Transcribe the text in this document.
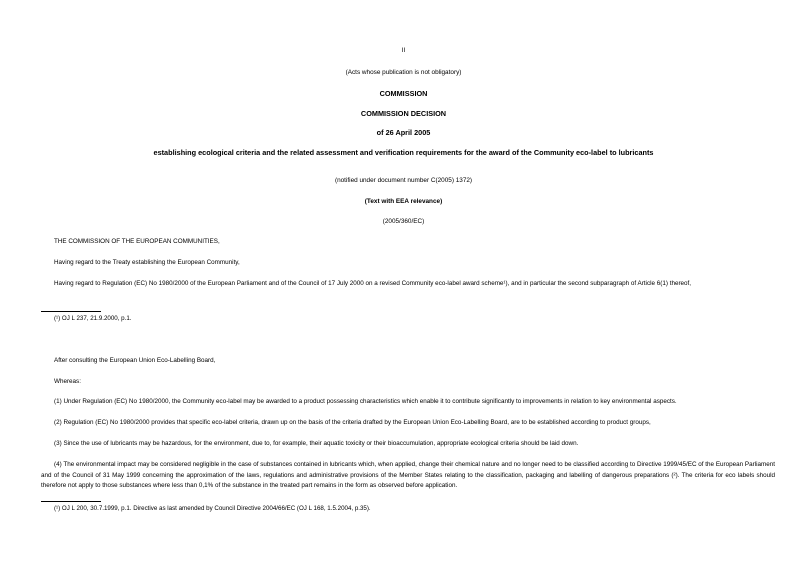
II
(Acts whose publication is not obligatory)
COMMISSION
COMMISSION DECISION
of 26 April 2005
establishing ecological criteria and the related assessment and verification requirements for the award of the Community eco-label to lubricants
(notified under document number C(2005) 1372)
(Text with EEA relevance)
(2005/360/EC)
THE COMMISSION OF THE EUROPEAN COMMUNITIES,
Having regard to the Treaty establishing the European Community,
Having regard to Regulation (EC) No 1980/2000 of the European Parliament and of the Council of 17 July 2000 on a revised Community eco-label award scheme¹), and in particular the second subparagraph of Article 6(1) thereof,
(¹) OJ L 237, 21.9.2000, p.1.
After consulting the European Union Eco-Labelling Board,
Whereas:
(1) Under Regulation (EC) No 1980/2000, the Community eco-label may be awarded to a product possessing characteristics which enable it to contribute significantly to improvements in relation to key environmental aspects.
(2) Regulation (EC) No 1980/2000 provides that specific eco-label criteria, drawn up on the basis of the criteria drafted by the European Union Eco-Labelling Board, are to be established according to product groups,
(3) Since the use of lubricants may be hazardous, for the environment, due to, for example, their aquatic toxicity or their bioaccumulation, appropriate ecological criteria should be laid down.
(4) The environmental impact may be considered negligible in the case of substances contained in lubricants which, when applied, change their chemical nature and no longer need to be classified according to Directive 1999/45/EC of the European Parliament and of the Council of 31 May 1999 concerning the approximation of the laws, regulations and administrative provisions of the Member States relating to the classification, packaging and labelling of dangerous preparations (²). The criteria for eco labels should therefore not apply to those substances where less than 0,1% of the substance in the treated part remains in the form as observed before application.
(¹) OJ L 200, 30.7.1999, p.1. Directive as last amended by Council Directive 2004/66/EC (OJ L 168, 1.5.2004, p.35).
